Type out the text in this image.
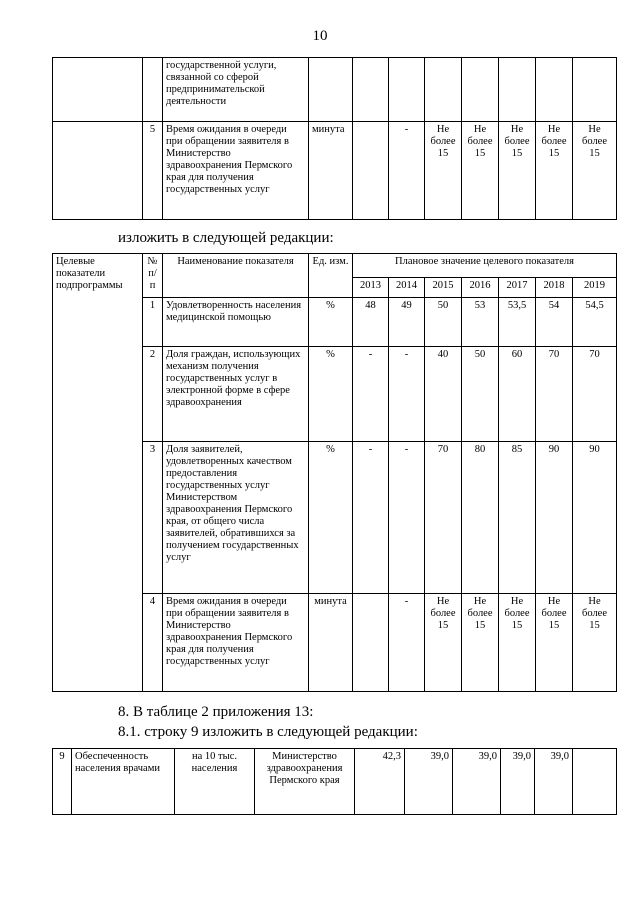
10
		государственной услуги, связанной со сферой предпринимательской деятельности								
	5	Время ожидания в очереди при обращении заявителя в Министерство здравоохранения Пермского края для получения государственных услуг	минута		-	Не более 15	Не более 15	Не более 15	Не более 15	Не более 15
изложить в следующей редакции:
Целевые показатели подпрограммы	№ п/п	Наименование показателя	Ед. изм.	Плановое значение целевого показателя						
				2013	2014	2015	2016	2017	2018	2019
	1	Удовлетворенность населения медицинской помощью	%	48	49	50	53	53,5	54	54,5
	2	Доля граждан, использующих механизм получения государственных услуг в электронной форме в сфере здравоохранения	%	-	-	40	50	60	70	70
	3	Доля заявителей, удовлетворенных качеством предоставления государственных услуг Министерством здравоохранения Пермского края, от общего числа заявителей, обратившихся за получением государственных услуг	%	-	-	70	80	85	90	90
	4	Время ожидания в очереди при обращении заявителя в Министерство здравоохранения Пермского края для получения государственных услуг	минута		-	Не более 15	Не более 15	Не более 15	Не более 15	Не более 15
8. В таблице 2 приложения 13:
8.1. строку 9 изложить в следующей редакции:
9	Обеспеченность населения врачами	на 10 тыс. населения	Министерство здравоохранения Пермского края	42,3	39,0	39,0	39,0	39,0	
